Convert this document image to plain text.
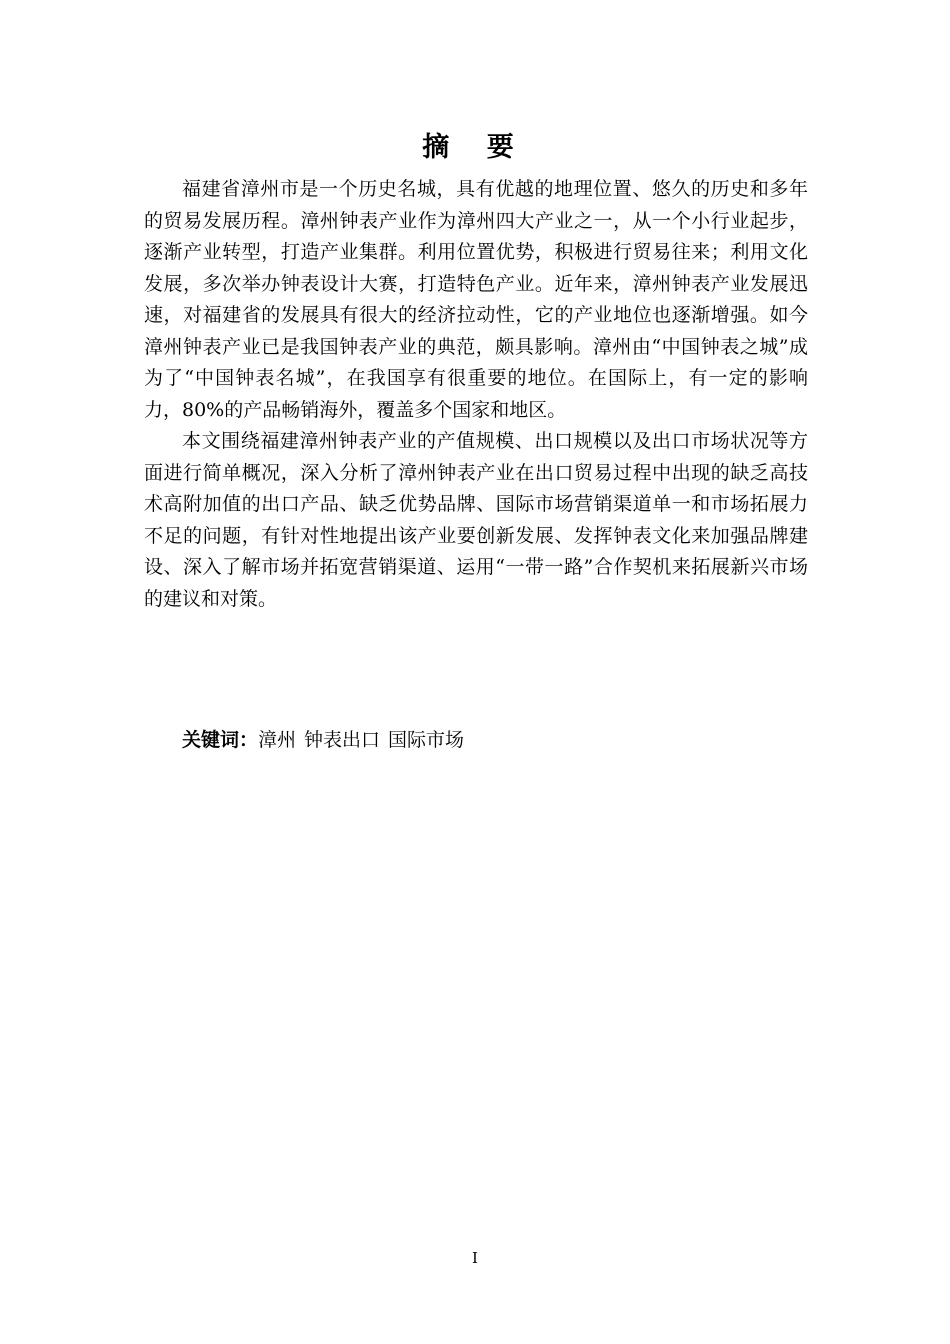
摘 要

福建省漳州市是一个历史名城，具有优越的地理位置、悠久的历史和多年的贸易发展历程。漳州钟表产业作为漳州四大产业之一，从一个小行业起步，逐渐产业转型，打造产业集群。利用位置优势，积极进行贸易往来；利用文化发展，多次举办钟表设计大赛，打造特色产业。近年来，漳州钟表产业发展迅速，对福建省的发展具有很大的经济拉动性，它的产业地位也逐渐增强。如今漳州钟表产业已是我国钟表产业的典范，颇具影响。漳州由“中国钟表之城”成为了“中国钟表名城”，在我国享有很重要的地位。在国际上，有一定的影响力，80%的产品畅销海外，覆盖多个国家和地区。

本文围绕福建漳州钟表产业的产值规模、出口规模以及出口市场状况等方面进行简单概况，深入分析了漳州钟表产业在出口贸易过程中出现的缺乏高技术高附加值的出口产品、缺乏优势品牌、国际市场营销渠道单一和市场拓展力不足的问题，有针对性地提出该产业要创新发展、发挥钟表文化来加强品牌建设、深入了解市场并拓宽营销渠道、运用“一带一路”合作契机来拓展新兴市场的建议和对策。

关键词：漳州 钟表出口 国际市场

I
